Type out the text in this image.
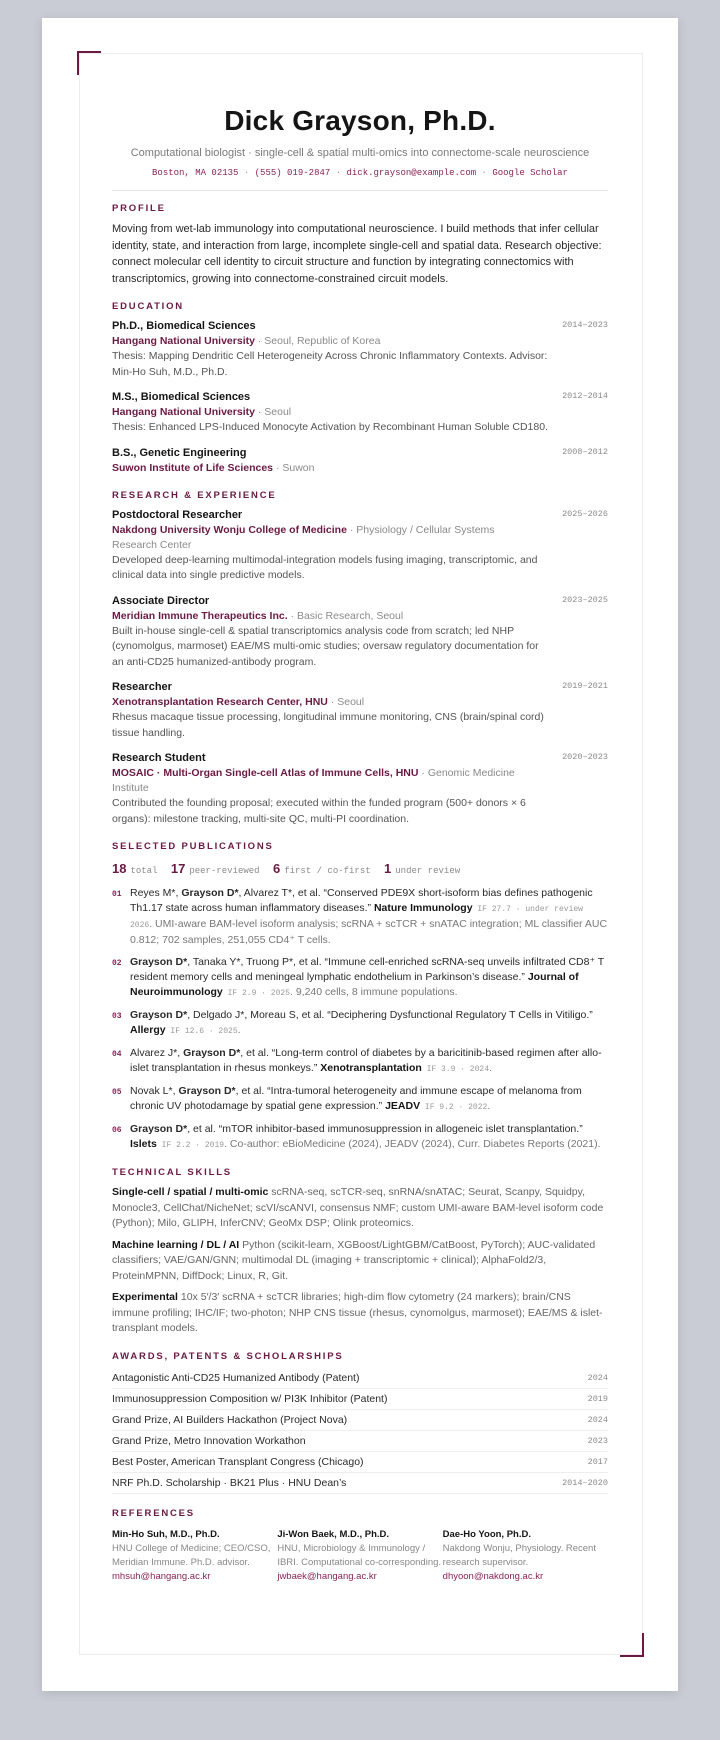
Dick Grayson, Ph.D.
Computational biologist · single-cell & spatial multi-omics into connectome-scale neuroscience
Boston, MA 02135 · (555) 019-2847 · dick.grayson@example.com · Google Scholar
PROFILE
Moving from wet-lab immunology into computational neuroscience. I build methods that infer cellular identity, state, and interaction from large, incomplete single-cell and spatial data. Research objective: connect molecular cell identity to circuit structure and function by integrating connectomics with transcriptomics, growing into connectome-constrained circuit models.
EDUCATION
Ph.D., Biomedical Sciences	2014–2023
Hangang National University · Seoul, Republic of Korea
Thesis: Mapping Dendritic Cell Heterogeneity Across Chronic Inflammatory Contexts. Advisor: Min-Ho Suh, M.D., Ph.D.
M.S., Biomedical Sciences	2012–2014
Hangang National University · Seoul
Thesis: Enhanced LPS-Induced Monocyte Activation by Recombinant Human Soluble CD180.
B.S., Genetic Engineering	2008–2012
Suwon Institute of Life Sciences · Suwon
RESEARCH & EXPERIENCE
Postdoctoral Researcher	2025–2026
Nakdong University Wonju College of Medicine · Physiology / Cellular Systems Research Center
Developed deep-learning multimodal-integration models fusing imaging, transcriptomic, and clinical data into single predictive models.
Associate Director	2023–2025
Meridian Immune Therapeutics Inc. · Basic Research, Seoul
Built in-house single-cell & spatial transcriptomics analysis code from scratch; led NHP (cynomolgus, marmoset) EAE/MS multi-omic studies; oversaw regulatory documentation for an anti-CD25 humanized-antibody program.
Researcher	2019–2021
Xenotransplantation Research Center, HNU · Seoul
Rhesus macaque tissue processing, longitudinal immune monitoring, CNS (brain/spinal cord) tissue handling.
Research Student	2020–2023
MOSAIC · Multi-Organ Single-cell Atlas of Immune Cells, HNU · Genomic Medicine Institute
Contributed the founding proposal; executed within the funded program (500+ donors × 6 organs): milestone tracking, multi-site QC, multi-PI coordination.
SELECTED PUBLICATIONS
18 total 17 peer-reviewed 6 first / co-first 1 under review
01 Reyes M*, Grayson D*, Alvarez T*, et al. “Conserved PDE9X short-isoform bias defines pathogenic Th1.17 state across human inflammatory diseases.” Nature Immunology IF 27.7 · under review 2026. UMI-aware BAM-level isoform analysis; scRNA + scTCR + snATAC integration; ML classifier AUC 0.812; 702 samples, 251,055 CD4⁺ T cells.
02 Grayson D*, Tanaka Y*, Truong P*, et al. “Immune cell-enriched scRNA-seq unveils infiltrated CD8⁺ T resident memory cells and meningeal lymphatic endothelium in Parkinson’s disease.” Journal of Neuroimmunology IF 2.9 · 2025. 9,240 cells, 8 immune populations.
03 Grayson D*, Delgado J*, Moreau S, et al. “Deciphering Dysfunctional Regulatory T Cells in Vitiligo.” Allergy IF 12.6 · 2025.
04 Alvarez J*, Grayson D*, et al. “Long-term control of diabetes by a baricitinib-based regimen after allo-islet transplantation in rhesus monkeys.” Xenotransplantation IF 3.9 · 2024.
05 Novak L*, Grayson D*, et al. “Intra-tumoral heterogeneity and immune escape of melanoma from chronic UV photodamage by spatial gene expression.” JEADV IF 9.2 · 2022.
06 Grayson D*, et al. “mTOR inhibitor-based immunosuppression in allogeneic islet transplantation.” Islets IF 2.2 · 2019. Co-author: eBioMedicine (2024), JEADV (2024), Curr. Diabetes Reports (2021).
TECHNICAL SKILLS
Single-cell / spatial / multi-omic scRNA-seq, scTCR-seq, snRNA/snATAC; Seurat, Scanpy, Squidpy, Monocle3, CellChat/NicheNet; scVI/scANVI, consensus NMF; custom UMI-aware BAM-level isoform code (Python); Milo, GLIPH, InferCNV; GeoMx DSP; Olink proteomics.
Machine learning / DL / AI Python (scikit-learn, XGBoost/LightGBM/CatBoost, PyTorch); AUC-validated classifiers; VAE/GAN/GNN; multimodal DL (imaging + transcriptomic + clinical); AlphaFold2/3, ProteinMPNN, DiffDock; Linux, R, Git.
Experimental 10x 5′/3′ scRNA + scTCR libraries; high-dim flow cytometry (24 markers); brain/CNS immune profiling; IHC/IF; two-photon; NHP CNS tissue (rhesus, cynomolgus, marmoset); EAE/MS & islet-transplant models.
AWARDS, PATENTS & SCHOLARSHIPS
Antagonistic Anti-CD25 Humanized Antibody (Patent)	2024
Immunosuppression Composition w/ PI3K Inhibitor (Patent)	2019
Grand Prize, AI Builders Hackathon (Project Nova)	2024
Grand Prize, Metro Innovation Workathon	2023
Best Poster, American Transplant Congress (Chicago)	2017
NRF Ph.D. Scholarship · BK21 Plus · HNU Dean’s	2014–2020
REFERENCES
Min-Ho Suh, M.D., Ph.D.
HNU College of Medicine; CEO/CSO, Meridian Immune. Ph.D. advisor.
mhsuh@hangang.ac.kr
Ji-Won Baek, M.D., Ph.D.
HNU, Microbiology & Immunology / IBRI. Computational co-corresponding.
jwbaek@hangang.ac.kr
Dae-Ho Yoon, Ph.D.
Nakdong Wonju, Physiology. Recent research supervisor.
dhyoon@nakdong.ac.kr
